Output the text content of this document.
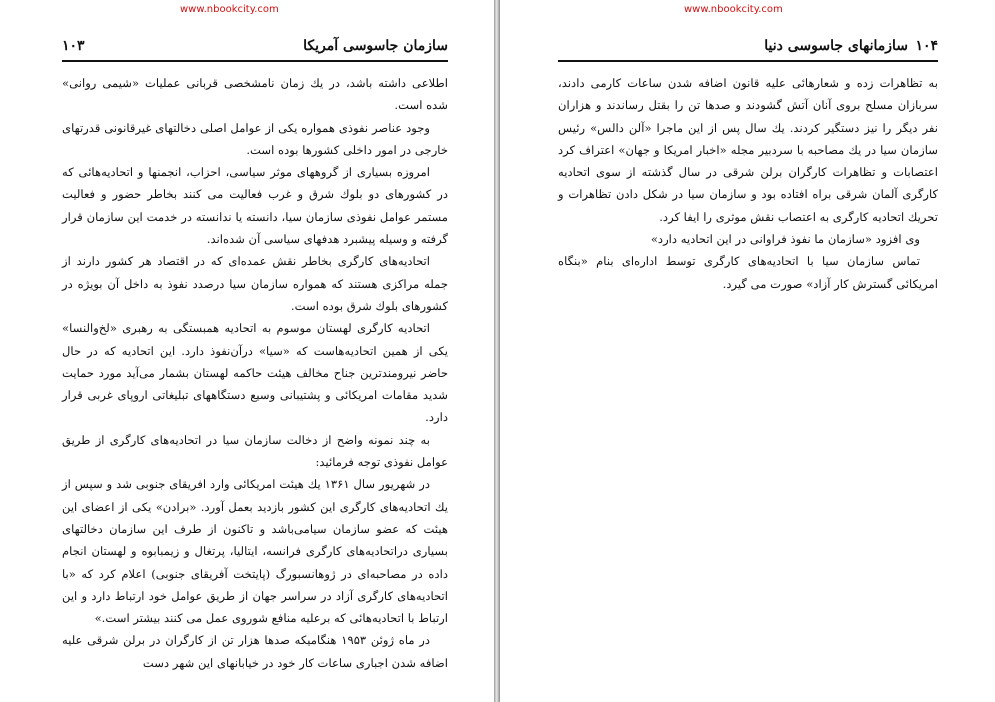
www.nbookcity.com
سازمان جاسوسی آمریکا
۱۰۳

اطلاعی داشته باشد، در یك زمان نامشخصی قربانی عملیات «شیمی روانی» شده است.

وجود عناصر نفوذی همواره یکی از عوامل اصلی دخالتهای غیرقانونی قدرتهای خارجی در امور داخلی کشورها بوده است.

امروزه بسیاری از گروههای موثر سیاسی، احزاب، انجمنها و اتحادیه‌هائی که در کشورهای دو بلوك شرق و غرب فعالیت می کنند بخاطر حضور و فعالیت مستمر عوامل نفوذی سازمان سیا، دانسته یا ندانسته در خدمت این سازمان قرار گرفته و وسیله پیشبرد هدفهای سیاسی آن شده‌اند.

اتحادیه‌های کارگری بخاطر نقش عمده‌ای که در اقتصاد هر کشور دارند از جمله مراکزی هستند که همواره سازمان سیا درصدد نفوذ به داخل آن بویژه در کشورهای بلوك شرق بوده است.

اتحادیه کارگری لهستان موسوم به اتحادیه همبستگی به رهبری «لخ‌والنسا» یکی از همین اتحادیه‌هاست که «سیا» درآن‌نفوذ دارد. این اتحادیه که در حال حاضر نیرومندترین جناح مخالف هیئت حاکمه لهستان بشمار می‌آید مورد حمایت شدید مقامات امریکائی و پشتیبانی وسیع دستگاههای تبلیغاتی اروپای غربی قرار دارد.

به چند نمونه واضح از دخالت سازمان سیا در اتحادیه‌های کارگری از طریق عوامل نفوذی توجه فرمائید:

در شهریور سال ۱۳۶۱ یك هیئت امریکائی وارد افریقای جنوبی شد و سپس از یك اتحادیه‌های کارگری این کشور بازدید بعمل آورد. «برادن» یکی از اعضای این هیئت که عضو سازمان سیامی‌باشد و تاکنون از طرف این سازمان دخالتهای بسیاری دراتحادیه‌های کارگری فرانسه، ایتالیا، پرتغال و زیمبابوه و لهستان انجام داده در مصاحبه‌ای در ژوهانسبورگ (پایتخت آفریقای جنوبی) اعلام کرد که «با اتحادیه‌های کارگری آزاد در سراسر جهان از طریق عوامل خود ارتباط دارد و این ارتباط با اتحادیه‌هائی که برعلیه منافع شوروی عمل می کنند بیشتر است.»

در ماه ژوئن ۱۹۵۳ هنگامیکه صدها هزار تن از کارگران در برلن شرقی علیه اضافه شدن اجباری ساعات کار خود در خیابانهای این شهر دست

www.nbookcity.com
۱۰۴
سازمانهای جاسوسی دنیا

به تظاهرات زده و شعارهائی علیه قانون اضافه شدن ساعات کارمی دادند، سربازان مسلح بروی آنان آتش گشودند و صدها تن را بقتل رساندند و هزاران نفر دیگر را نیز دستگیر کردند. یك سال پس از این ماجرا «آلن دالس» رئیس سازمان سیا در یك مصاحبه با سردبیر مجله «اخبار امریکا و جهان» اعتراف کرد اعتصابات و تظاهرات کارگران برلن شرقی در سال گذشته از سوی اتحادیه کارگری آلمان شرقی براه افتاده بود و سازمان سیا در شکل دادن تظاهرات و تحریك اتحادیه کارگری به اعتصاب نقش موثری را ایفا کرد.

وی افزود «سازمان ما نفوذ فراوانی در این اتحادیه دارد»

تماس سازمان سیا با اتحادیه‌های کارگری توسط اداره‌ای بنام «بنگاه امریکائی گسترش کار آزاد» صورت می گیرد.
